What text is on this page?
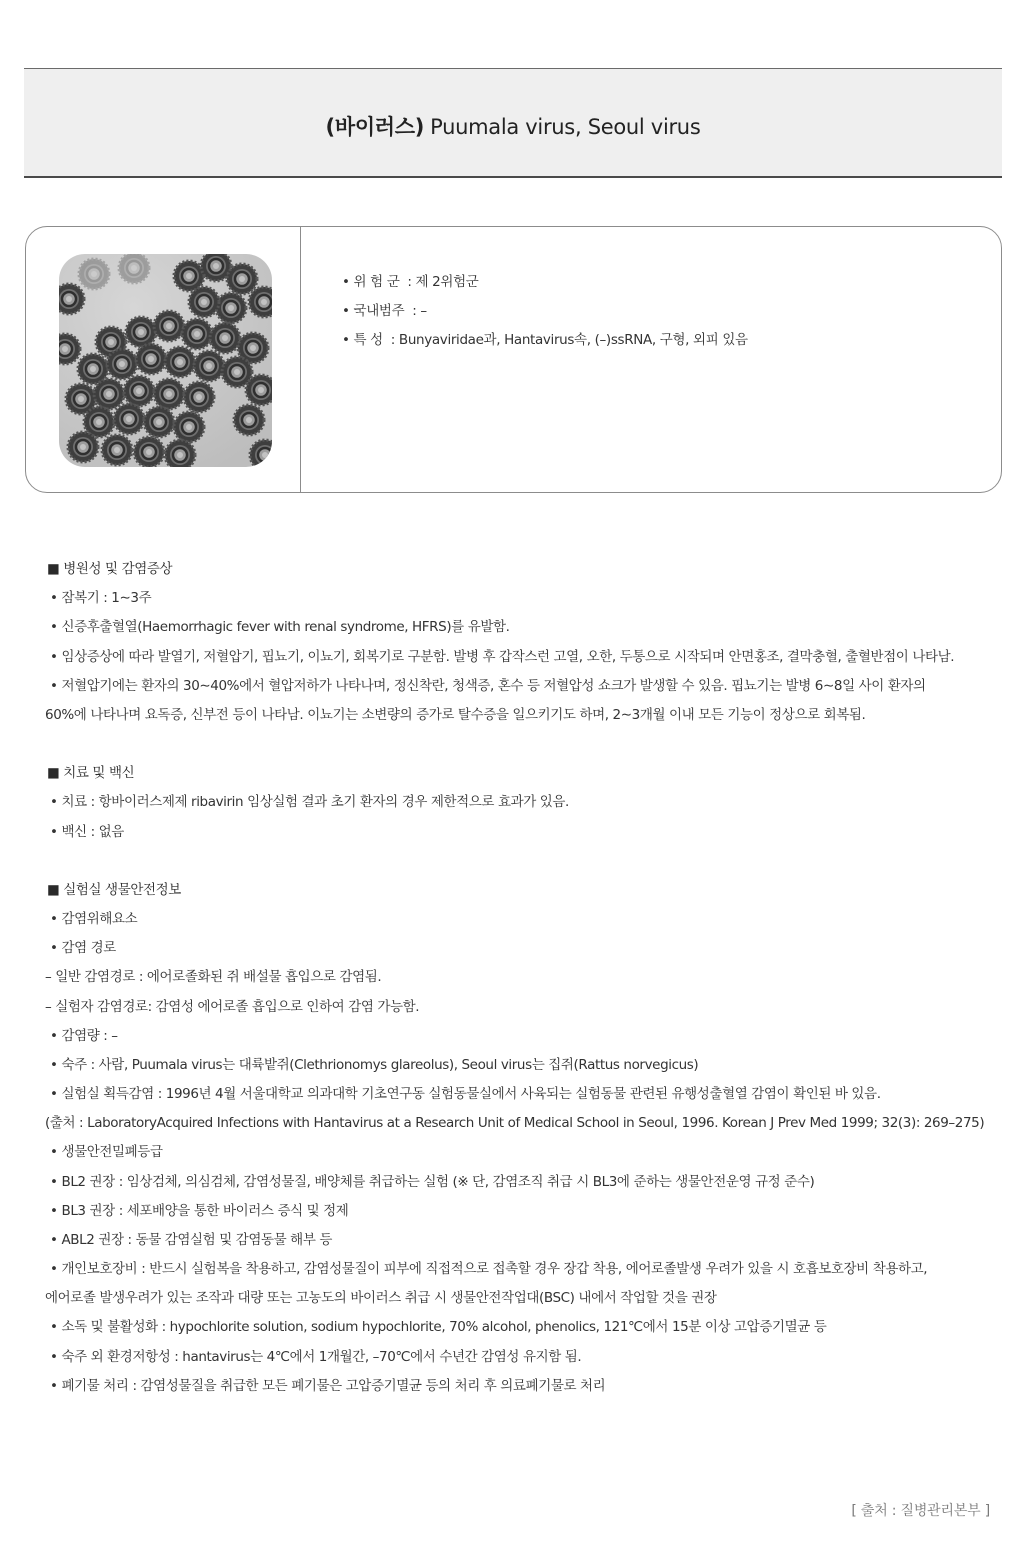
(바이러스) Puumala virus, Seoul virus
• 위 험 군  : 제 2위험군
• 국내범주  : –
• 특 성  : Bunyaviridae과, Hantavirus속, (–)ssRNA, 구형, 외피 있음
■ 병원성 및 감염증상
• 잠복기 : 1∼3주
• 신증후출혈열(Haemorrhagic fever with renal syndrome, HFRS)를 유발함.
• 임상증상에 따라 발열기, 저혈압기, 핍뇨기, 이뇨기, 회복기로 구분함. 발병 후 갑작스런 고열, 오한, 두통으로 시작되며 안면홍조, 결막충혈, 출혈반점이 나타남.
• 저혈압기에는 환자의 30∼40%에서 혈압저하가 나타나며, 정신착란, 청색증, 혼수 등 저혈압성 쇼크가 발생할 수 있음. 핍뇨기는 발병 6∼8일 사이 환자의
60%에 나타나며 요독증, 신부전 등이 나타남. 이뇨기는 소변량의 증가로 탈수증을 일으키기도 하며, 2∼3개월 이내 모든 기능이 정상으로 회복됨.
■ 치료 및 백신
• 치료 : 항바이러스제제 ribavirin 임상실험 결과 초기 환자의 경우 제한적으로 효과가 있음.
• 백신 : 없음
■ 실험실 생물안전정보
• 감염위해요소
• 감염 경로
– 일반 감염경로 : 에어로졸화된 쥐 배설물 흡입으로 감염됨.
– 실험자 감염경로: 감염성 에어로졸 흡입으로 인하여 감염 가능함.
• 감염량 : –
• 숙주 : 사람, Puumala virus는 대륙밭쥐(Clethrionomys glareolus), Seoul virus는 집쥐(Rattus norvegicus)
• 실험실 획득감염 : 1996년 4월 서울대학교 의과대학 기초연구동 실험동물실에서 사육되는 실험동물 관련된 유행성출혈열 감염이 확인된 바 있음.
(출처 : LaboratoryAcquired Infections with Hantavirus at a Research Unit of Medical School in Seoul, 1996. Korean J Prev Med 1999; 32(3): 269–275)
• 생물안전밀폐등급
• BL2 권장 : 임상검체, 의심검체, 감염성물질, 배양체를 취급하는 실험 (※ 단, 감염조직 취급 시 BL3에 준하는 생물안전운영 규정 준수)
• BL3 권장 : 세포배양을 통한 바이러스 증식 및 정제
• ABL2 권장 : 동물 감염실험 및 감염동물 해부 등
• 개인보호장비 : 반드시 실험복을 착용하고, 감염성물질이 피부에 직접적으로 접촉할 경우 장갑 착용, 에어로졸발생 우려가 있을 시 호흡보호장비 착용하고,
에어로졸 발생우려가 있는 조작과 대량 또는 고농도의 바이러스 취급 시 생물안전작업대(BSC) 내에서 작업할 것을 권장
• 소독 및 불활성화 : hypochlorite solution, sodium hypochlorite, 70% alcohol, phenolics, 121℃에서 15분 이상 고압증기멸균 등
• 숙주 외 환경저항성 : hantavirus는 4℃에서 1개월간, –70℃에서 수년간 감염성 유지함 됨.
• 폐기물 처리 : 감염성물질을 취급한 모든 폐기물은 고압증기멸균 등의 처리 후 의료폐기물로 처리
[ 출처 : 질병관리본부 ]
